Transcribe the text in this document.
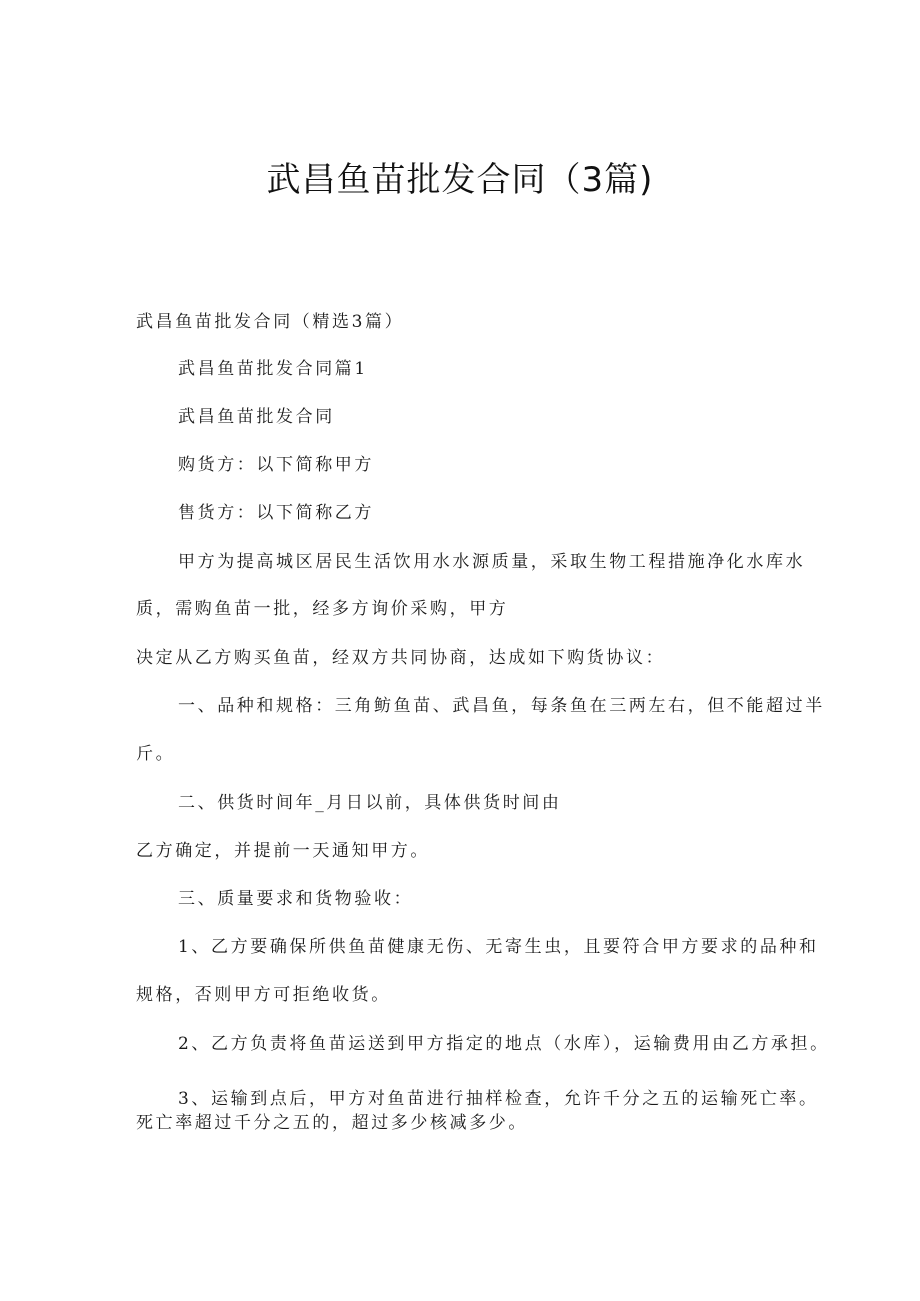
武昌鱼苗批发合同（3篇)
武昌鱼苗批发合同（精选3篇）
武昌鱼苗批发合同篇1
武昌鱼苗批发合同
购货方：以下简称甲方
售货方：以下简称乙方
甲方为提高城区居民生活饮用水水源质量，采取生物工程措施净化水库水
质，需购鱼苗一批，经多方询价采购，甲方
决定从乙方购买鱼苗，经双方共同协商，达成如下购货协议：
一、品种和规格：三角鲂鱼苗、武昌鱼，每条鱼在三两左右，但不能超过半
斤。
二、供货时间年_月日以前，具体供货时间由
乙方确定，并提前一天通知甲方。
三、质量要求和货物验收：
1、乙方要确保所供鱼苗健康无伤、无寄生虫，且要符合甲方要求的品种和
规格，否则甲方可拒绝收货。
2、乙方负责将鱼苗运送到甲方指定的地点（水库），运输费用由乙方承担。
3、运输到点后，甲方对鱼苗进行抽样检查，允许千分之五的运输死亡率。
死亡率超过千分之五的，超过多少核减多少。
